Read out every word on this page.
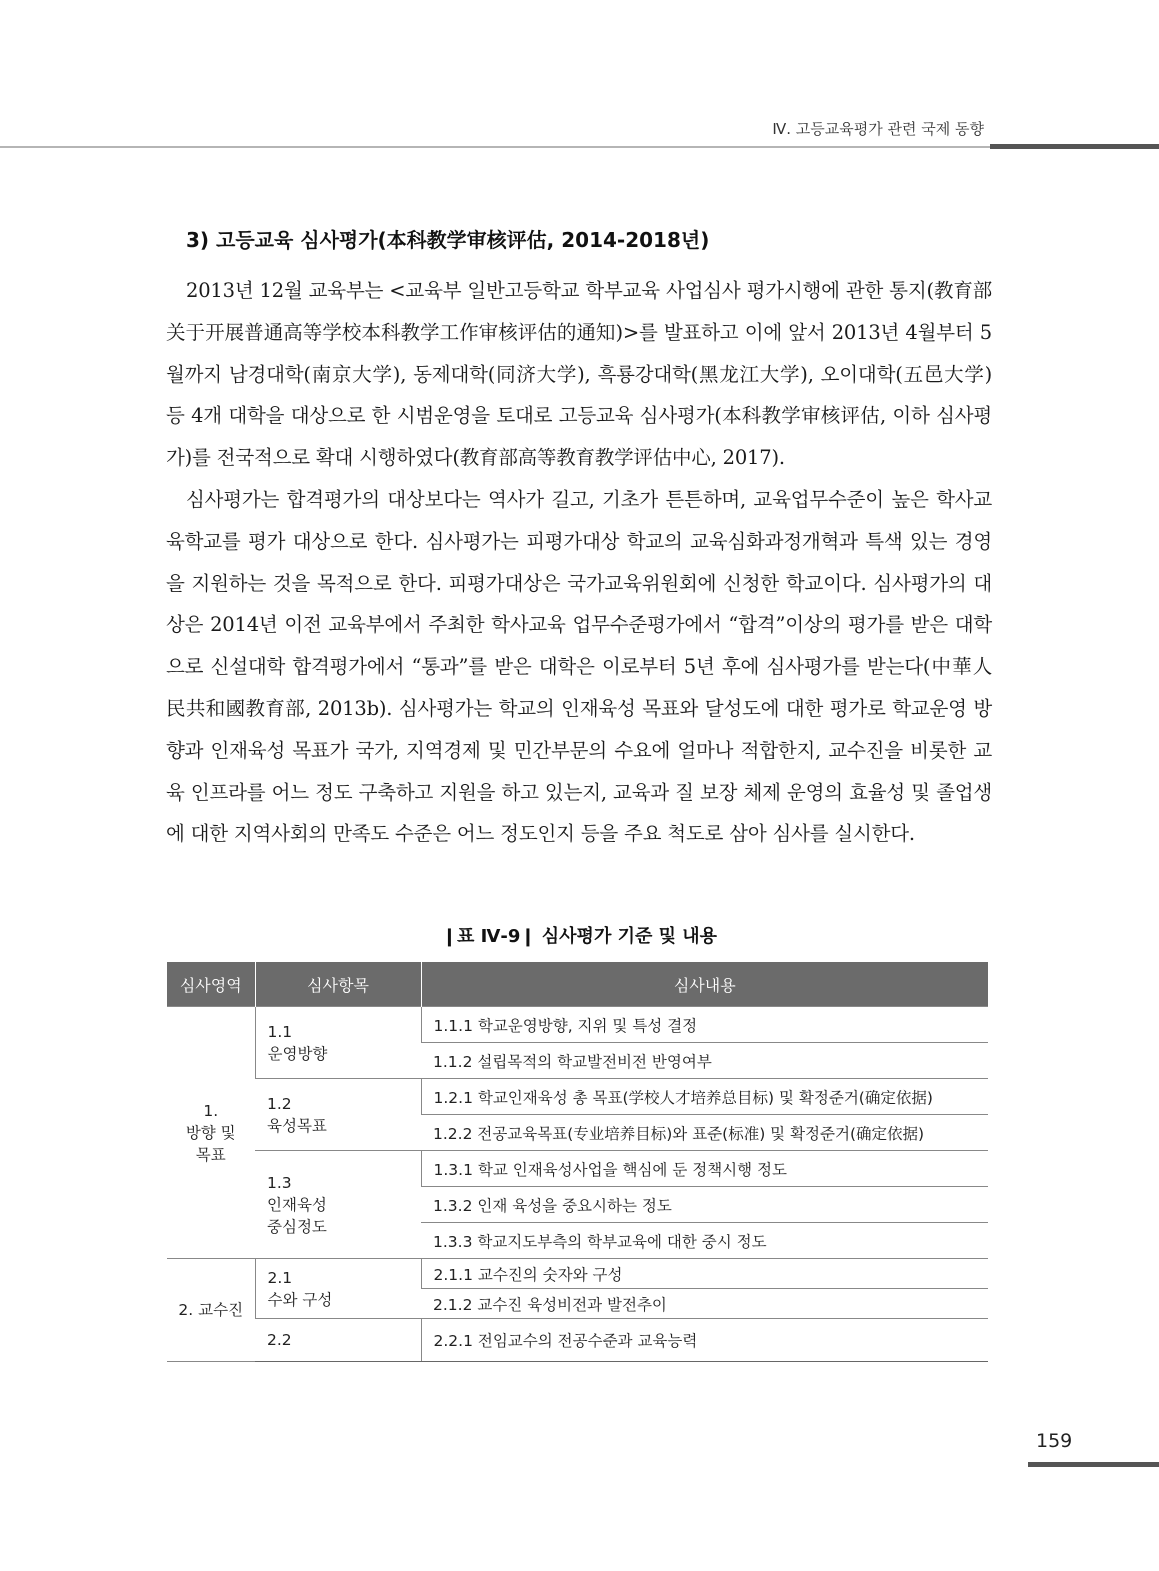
Ⅳ. 고등교육평가 관련 국제 동향
3) 고등교육 심사평가(本科教学审核评估, 2014-2018년)

2013년 12월 교육부는 <교육부 일반고등학교 학부교육 사업심사 평가시행에 관한 통지(教育部关于开展普通高等学校本科教学工作审核评估的通知)>를 발표하고 이에 앞서 2013년 4월부터 5월까지 남경대학(南京大学), 동제대학(同济大学), 흑룡강대학(黑龙江大学), 오이대학(五邑大学) 등 4개 대학을 대상으로 한 시범운영을 토대로 고등교육 심사평가(本科教学审核评估, 이하 심사평가)를 전국적으로 확대 시행하였다(教育部高等教育教学评估中心, 2017).

심사평가는 합격평가의 대상보다는 역사가 길고, 기초가 튼튼하며, 교육업무수준이 높은 학사교육학교를 평가 대상으로 한다. 심사평가는 피평가대상 학교의 교육심화과정개혁과 특색 있는 경영을 지원하는 것을 목적으로 한다. 피평가대상은 국가교육위원회에 신청한 학교이다. 심사평가의 대상은 2014년 이전 교육부에서 주최한 학사교육 업무수준평가에서 “합격”이상의 평가를 받은 대학으로 신설대학 합격평가에서 “통과”를 받은 대학은 이로부터 5년 후에 심사평가를 받는다(中華人民共和國教育部, 2013b). 심사평가는 학교의 인재육성 목표와 달성도에 대한 평가로 학교운영 방향과 인재육성 목표가 국가, 지역경제 및 민간부문의 수요에 얼마나 적합한지, 교수진을 비롯한 교육 인프라를 어느 정도 구축하고 지원을 하고 있는지, 교육과 질 보장 체제 운영의 효율성 및 졸업생에 대한 지역사회의 만족도 수준은 어느 정도인지 등을 주요 척도로 삼아 심사를 실시한다.

❙표 Ⅳ-9❙ 심사평가 기준 및 내용
심사영역	심사항목	심사내용
1.
방향 및
목표	1.1
운영방향	1.1.1 학교운영방향, 지위 및 특성 결정
		1.1.2 설립목적의 학교발전비전 반영여부
	1.2
육성목표	1.2.1 학교인재육성 총 목표(学校人才培养总目标) 및 확정준거(确定依据)
		1.2.2 전공교육목표(专业培养目标)와 표준(标准) 및 확정준거(确定依据)
	1.3
인재육성
중심정도	1.3.1 학교 인재육성사업을 핵심에 둔 정책시행 정도
		1.3.2 인재 육성을 중요시하는 정도
		1.3.3 학교지도부측의 학부교육에 대한 중시 정도
2. 교수진	2.1
수와 구성	2.1.1 교수진의 숫자와 구성
		2.1.2 교수진 육성비전과 발전추이
	2.2	2.2.1 전임교수의 전공수준과 교육능력
159
